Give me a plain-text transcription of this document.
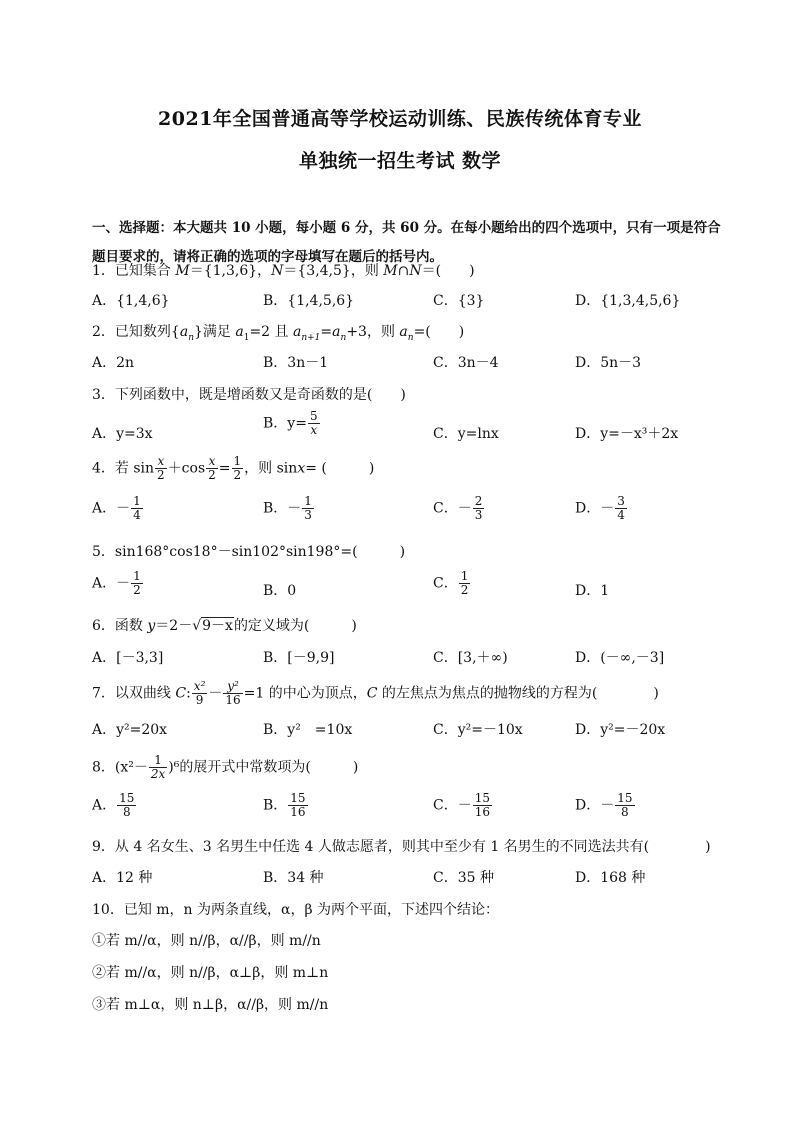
2021年全国普通高等学校运动训练、民族传统体育专业
单独统一招生考试 数学
一、选择题：本大题共 10 小题，每小题 6 分，共 60 分。在每小题给出的四个选项中，只有一项是符合题目要求的，请将正确的选项的字母填写在题后的括号内。
1．已知集合 M＝{1,3,6}，N＝{3,4,5}，则 M∩N＝(　　)
A．{1,4,6}	B．{1,4,5,6}	C．{3}	D．{1,3,4,5,6}
2．已知数列$\{a_n\}$满足 $a_1=2$ 且 $a_{n+1}=a_n+3$，则 $a_n=$(　　)
A．2n	B．3n－1	C．3n－4	D．5n－3
3．下列函数中，既是增函数又是奇函数的是(　　)
A．y=3x
B．$y= \frac{5}{x}$	C．y=lnx	D．y=－x³＋2x
4．若 $\sin \frac{x}{2} +\cos \frac{x}{2} = \frac{1}{2}$ ，则 sinx= (　　　)
A．－ $\frac{1}{4}$	B．－ $\frac{1}{3}$	C．－ $\frac{2}{3}$	D．－ $\frac{3}{4}$
5．sin168°cos18°－sin102°sin198°=(　　　)
A．－ $\frac{1}{2}$	B．0	C． $\frac{1}{2}$	D．1
6．函数 y＝2－√9－x的定义域为(　　　)
A．[－3,3]	B．[－9,9]	C．[3,＋∞)	D．(－∞,－3]
7．以双曲线 C: $\frac{\text{x²}}{9} - \frac{\text{y²}}{16} =1$ 的中心为顶点，C 的左焦点为焦点的抛物线的方程为(　　　　)
A．y²=20x	B．y²　=10x	C．y²=－10x	D．y²=－20x
8．$(x^2- \frac{1}{2x} )^6$的展开式中常数项为(　　　)
A． $\frac{15}{8}$	B． $\frac{15}{16}$	C．－ $\frac{15}{16}$	D．－ $\frac{15}{8}$
9．从 4 名女生、3 名男生中任选 4 人做志愿者，则其中至少有 1 名男生的不同选法共有(　　　　)
A．12 种	B．34 种	C．35 种	D．168 种
10．已知 m，n 为两条直线，α，β 为两个平面，下述四个结论：
①若 m//α，则 n//β，α//β，则 m//n
②若 m//α，则 n//β，α⊥β，则 m⊥n
③若 m⊥α，则 n⊥β，α//β，则 m//n
